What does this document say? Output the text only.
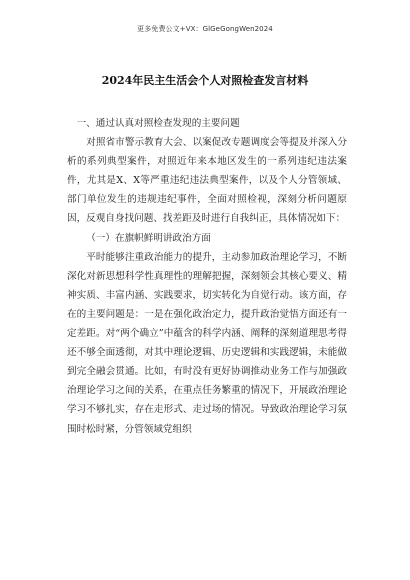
更多免费公文+VX：GlGeGongWen2024
2024年民主生活会个人对照检查发言材料

一、通过认真对照检查发现的主要问题

对照省市警示教育大会、以案促改专题调度会等提及并深入分析的系列典型案件，对照近年来本地区发生的一系列违纪违法案件，尤其是X、X等严重违纪违法典型案件，以及个人分管领域、部门单位发生的违规违纪事件，全面对照检视，深刻分析问题原因，反观自身找问题、找差距及时进行自我纠正，具体情况如下：

（一）在旗帜鲜明讲政治方面

平时能够注重政治能力的提升，主动参加政治理论学习，不断深化对新思想科学性真理性的理解把握，深刻领会其核心要义、精神实质、丰富内涵、实践要求，切实转化为自觉行动。该方面，存在的主要问题是：一是在强化政治定力，提升政治觉悟方面还有一定差距。对“两个确立”中蕴含的科学内涵、阐释的深刻道理思考得还不够全面透彻，对其中理论逻辑、历史逻辑和实践逻辑，未能做到完全融会贯通。比如，有时没有更好协调推动业务工作与加强政治理论学习之间的关系，在重点任务繁重的情况下，开展政治理论学习不够扎实，存在走形式、走过场的情况。导致政治理论学习氛围时松时紧，分管领域党组织
